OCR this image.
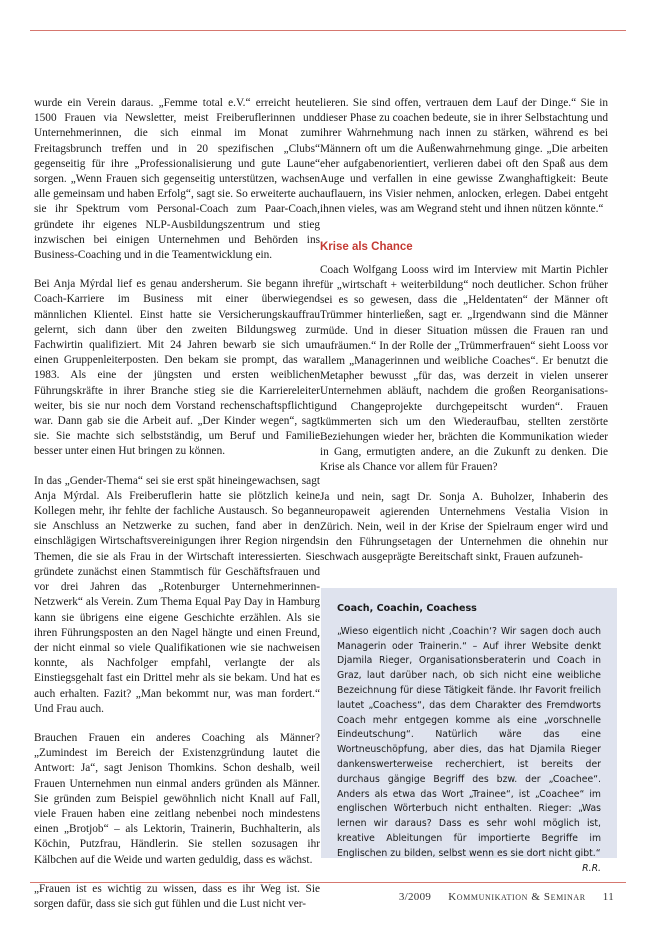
wurde ein Verein daraus. „Femme total e.V.“ erreicht heute 1500 Frauen via Newsletter, meist Freiberuflerinnen und Unternehmerinnen, die sich einmal im Monat zum Freitagsbrunch treffen und in 20 spezifischen „Clubs“ gegenseitig für ihre „Professionalisierung und gute Laune“ sorgen. „Wenn Frauen sich gegenseitig unterstützen, wachsen alle gemeinsam und haben Erfolg“, sagt sie. So erweiterte auch sie ihr Spektrum vom Personal-Coach zum Paar-Coach, gründete ihr eigenes NLP-Ausbildungszentrum und stieg inzwischen bei einigen Unternehmen und Behörden ins Business-Coaching und in die Teamentwicklung ein.

Bei Anja Mýrdal lief es genau andersherum. Sie begann ihre Coach-Karriere im Business mit einer überwiegend männlichen Klientel. Einst hatte sie Versicherungskauffrau gelernt, sich dann über den zweiten Bildungsweg zur Fachwirtin qualifiziert. Mit 24 Jahren bewarb sie sich um einen Gruppenleiterposten. Den bekam sie prompt, das war 1983. Als eine der jüngsten und ersten weiblichen Führungskräfte in ihrer Branche stieg sie die Karriereleiter weiter, bis sie nur noch dem Vorstand rechenschaftspflichtig war. Dann gab sie die Arbeit auf. „Der Kinder wegen“, sagt sie. Sie machte sich selbstständig, um Beruf und Familie besser unter einen Hut bringen zu können.

In das „Gender-Thema“ sei sie erst spät hineingewachsen, sagt Anja Mýrdal. Als Freiberuflerin hatte sie plötzlich keine Kollegen mehr, ihr fehlte der fachliche Austausch. So begann sie Anschluss an Netzwerke zu suchen, fand aber in den einschlägigen Wirtschaftsvereinigungen ihrer Region nirgends Themen, die sie als Frau in der Wirtschaft interessierten. Sie gründete zunächst einen Stammtisch für Geschäftsfrauen und vor drei Jahren das „Rotenburger Unternehmerinnen-Netzwerk“ als Verein. Zum Thema Equal Pay Day in Hamburg kann sie übrigens eine eigene Geschichte erzählen. Als sie ihren Führungsposten an den Nagel hängte und einen Freund, der nicht einmal so viele Qualifikationen wie sie nachweisen konnte, als Nachfolger empfahl, verlangte der als Einstiegsgehalt fast ein Drittel mehr als sie bekam. Und hat es auch erhalten. Fazit? „Man bekommt nur, was man fordert.“ Und Frau auch.

Brauchen Frauen ein anderes Coaching als Männer? „Zumindest im Bereich der Existenzgründung lautet die Antwort: Ja“, sagt Jenison Thomkins. Schon deshalb, weil Frauen Unternehmen nun einmal anders gründen als Männer. Sie gründen zum Beispiel gewöhnlich nicht Knall auf Fall, viele Frauen haben eine zeitlang nebenbei noch mindestens einen „Brotjob“ – als Lektorin, Trainerin, Buchhalterin, als Köchin, Putzfrau, Händlerin. Sie stellen sozusagen ihr Kälbchen auf die Weide und warten geduldig, dass es wächst.

„Frauen ist es wichtig zu wissen, dass es ihr Weg ist. Sie sorgen dafür, dass sie sich gut fühlen und die Lust nicht ver-

lieren. Sie sind offen, vertrauen dem Lauf der Dinge.“ Sie in dieser Phase zu coachen bedeute, sie in ihrer Selbstachtung und ihrer Wahrnehmung nach innen zu stärken, während es bei Männern oft um die Außenwahrnehmung ginge. „Die arbeiten eher aufgabenorientiert, verlieren dabei oft den Spaß aus dem Auge und verfallen in eine gewisse Zwanghaftigkeit: Beute auflauern, ins Visier nehmen, anlocken, erlegen. Dabei entgeht ihnen vieles, was am Wegrand steht und ihnen nützen könnte.“

Krise als Chance

Coach Wolfgang Looss wird im Interview mit Martin Pichler für „wirtschaft + weiterbildung“ noch deutlicher. Schon früher sei es so gewesen, dass die „Heldentaten“ der Männer oft Trümmer hinterließen, sagt er. „Irgendwann sind die Männer müde. Und in dieser Situation müssen die Frauen ran und aufräumen.“ In der Rolle der „Trümmerfrauen“ sieht Looss vor allem „Managerinnen und weibliche Coaches“. Er benutzt die Metapher bewusst „für das, was derzeit in vielen unserer Unternehmen abläuft, nachdem die großen Reorganisations- und Changeprojekte durchgepeitscht wurden“. Frauen kümmerten sich um den Wiederaufbau, stellten zerstörte Beziehungen wieder her, brächten die Kommunikation wieder in Gang, ermutigten andere, an die Zukunft zu denken. Die Krise als Chance vor allem für Frauen?

Ja und nein, sagt Dr. Sonja A. Buholzer, Inhaberin des europaweit agierenden Unternehmens Vestalia Vision in Zürich. Nein, weil in der Krise der Spielraum enger wird und in den Führungsetagen der Unternehmen die ohnehin nur schwach ausgeprägte Bereitschaft sinkt, Frauen aufzuneh-

Coach, Coachin, Coachess
„Wieso eigentlich nicht ‚Coachin‘? Wir sagen doch auch Managerin oder Trainerin.“ – Auf ihrer Website denkt Djamila Rieger, Organisationsberaterin und Coach in Graz, laut darüber nach, ob sich nicht eine weibliche Bezeichnung für diese Tätigkeit fände. Ihr Favorit freilich lautet „Coachess“, das dem Charakter des Fremdworts Coach mehr entgegen komme als eine „vorschnelle Eindeutschung“. Natürlich wäre das eine Wortneuschöpfung, aber dies, das hat Djamila Rieger dankenswerterweise recherchiert, ist bereits der durchaus gängige Begriff des bzw. der „Coachee“. Anders als etwa das Wort „Trainee“, ist „Coachee“ im englischen Wörterbuch nicht enthalten. Rieger: „Was lernen wir daraus? Dass es sehr wohl möglich ist, kreative Ableitungen für importierte Begriffe im Englischen zu bilden, selbst wenn es sie dort nicht gibt.“
R.R.
3/2009 Kommunikation & Seminar 11
